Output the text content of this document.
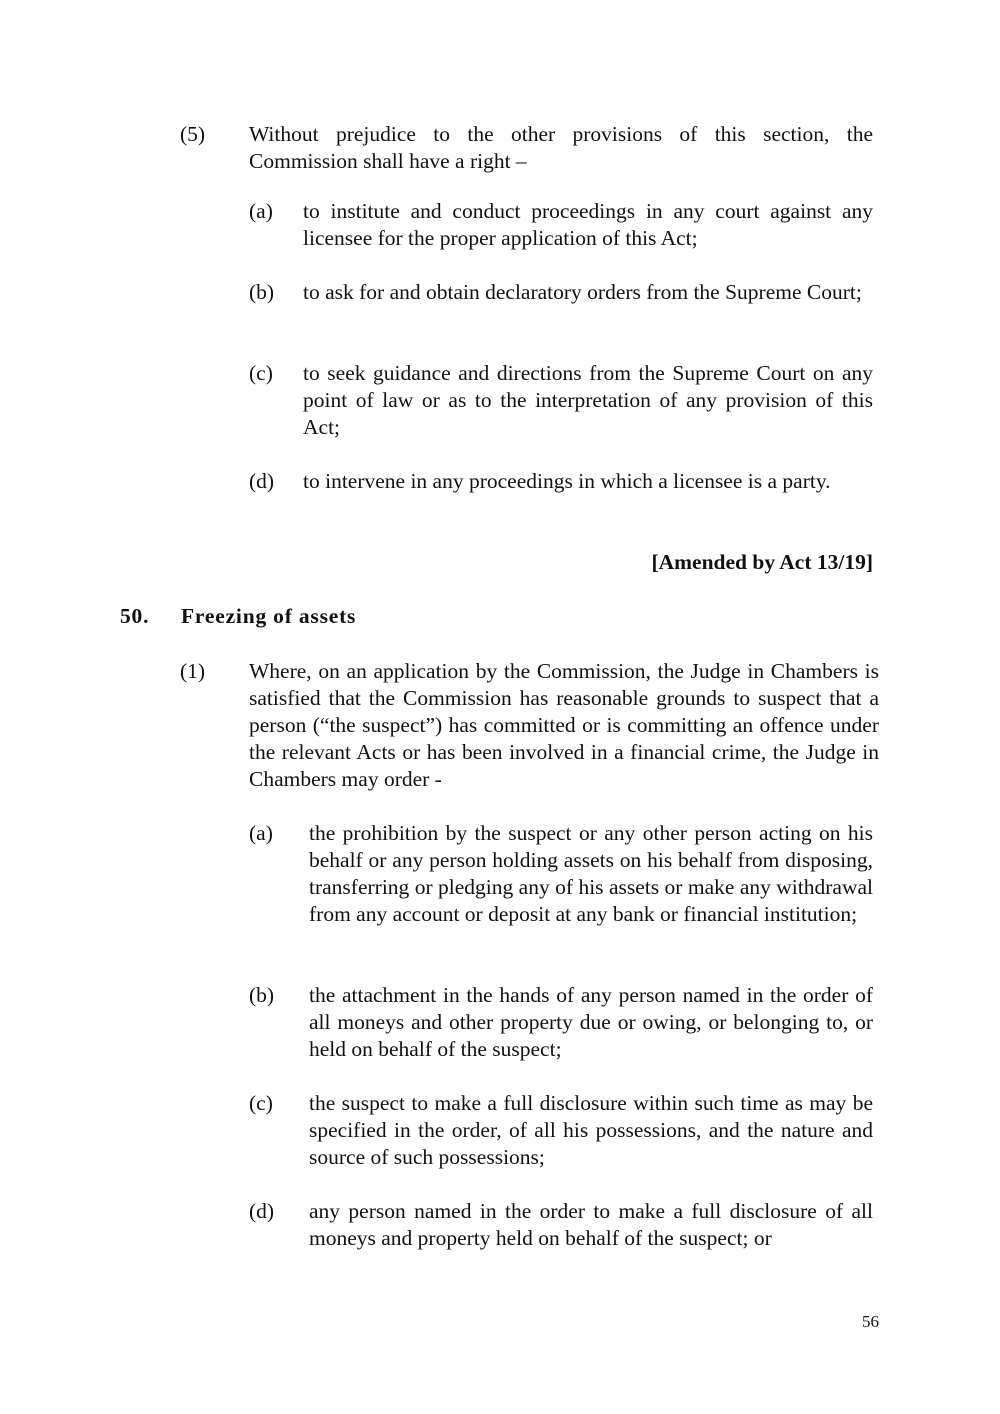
(5) Without prejudice to the other provisions of this section, the Commission shall have a right –
(a) to institute and conduct proceedings in any court against any licensee for the proper application of this Act;
(b) to ask for and obtain declaratory orders from the Supreme Court;
(c) to seek guidance and directions from the Supreme Court on any point of law or as to the interpretation of any provision of this Act;
(d) to intervene in any proceedings in which a licensee is a party.
[Amended by Act 13/19]
50. Freezing of assets
(1) Where, on an application by the Commission, the Judge in Chambers is satisfied that the Commission has reasonable grounds to suspect that a person (“the suspect”) has committed or is committing an offence under the relevant Acts or has been involved in a financial crime, the Judge in Chambers may order -
(a) the prohibition by the suspect or any other person acting on his behalf or any person holding assets on his behalf from disposing, transferring or pledging any of his assets or make any withdrawal from any account or deposit at any bank or financial institution;
(b) the attachment in the hands of any person named in the order of all moneys and other property due or owing, or belonging to, or held on behalf of the suspect;
(c) the suspect to make a full disclosure within such time as may be specified in the order, of all his possessions, and the nature and source of such possessions;
(d) any person named in the order to make a full disclosure of all moneys and property held on behalf of the suspect; or
56
